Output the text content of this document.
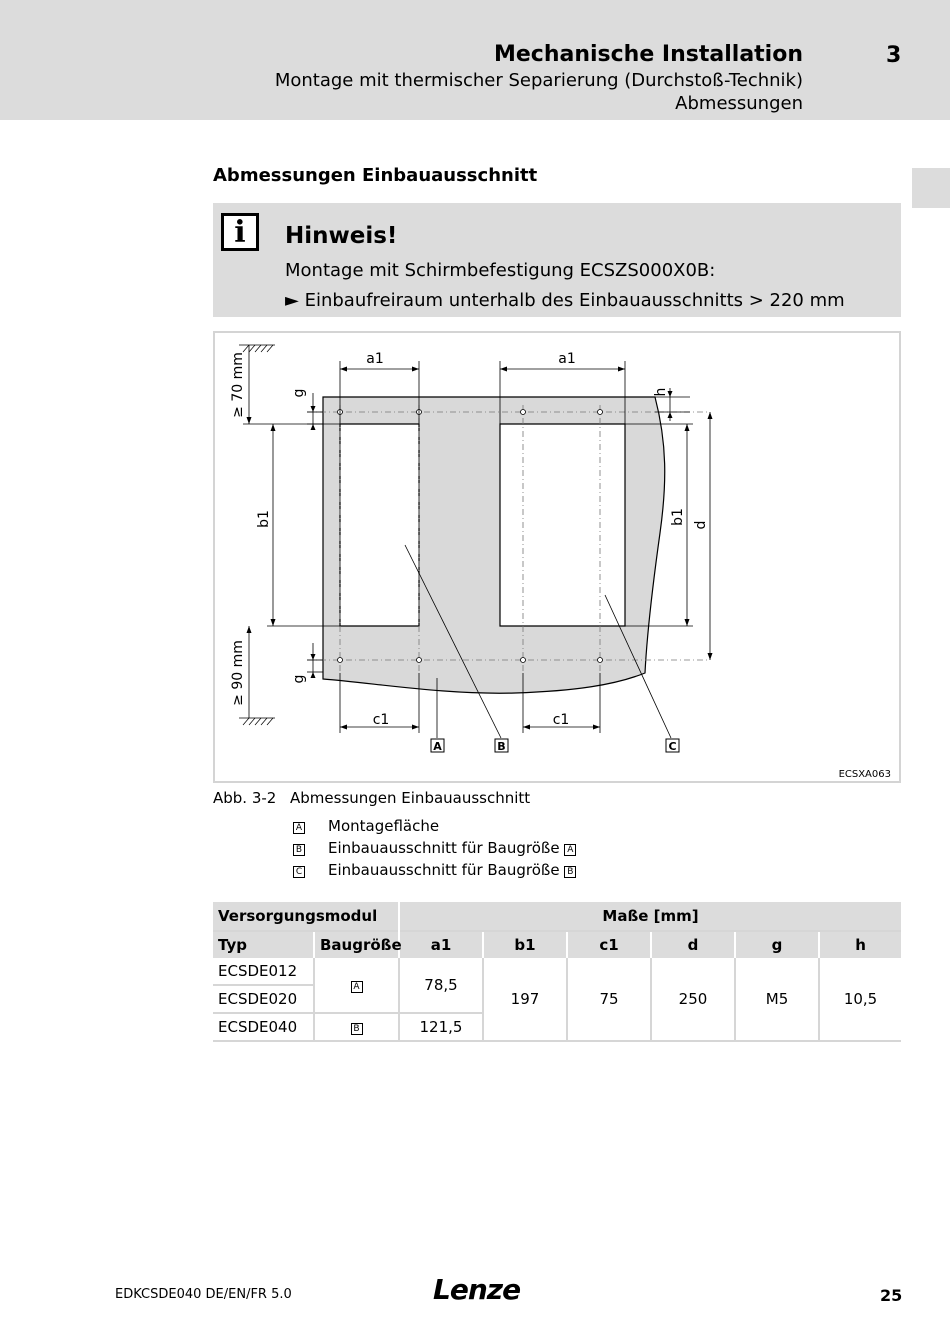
Mechanische Installation
Montage mit thermischer Separierung (Durchstoß-Technik)
Abmessungen
3
Abmessungen Einbauausschnitt
i	Hinweis!
Montage mit Schirmbefestigung ECSZS000X0B:
► Einbaufreiraum unterhalb des Einbauausschnitts > 220 mm
a1	a1
c1	c1
≥ 70 mm
≥ 90 mm
b1
g
g
h
b1 d
A	B	C
ECSXA063
Abb. 3-2 Abmessungen Einbauausschnitt
A Montagefläche
B Einbauausschnitt für Baugröße A
C Einbauausschnitt für Baugröße B
Versorgungsmodul		Maße [mm]					
Typ	Baugröße	a1	b1	c1	d	g	h
ECSDE012	A	78,5	197	75	250	M5	10,5
ECSDE020							
ECSDE040	B	121,5					
EDKCSDE040 DE/EN/FR 5.0	Lenze	25
